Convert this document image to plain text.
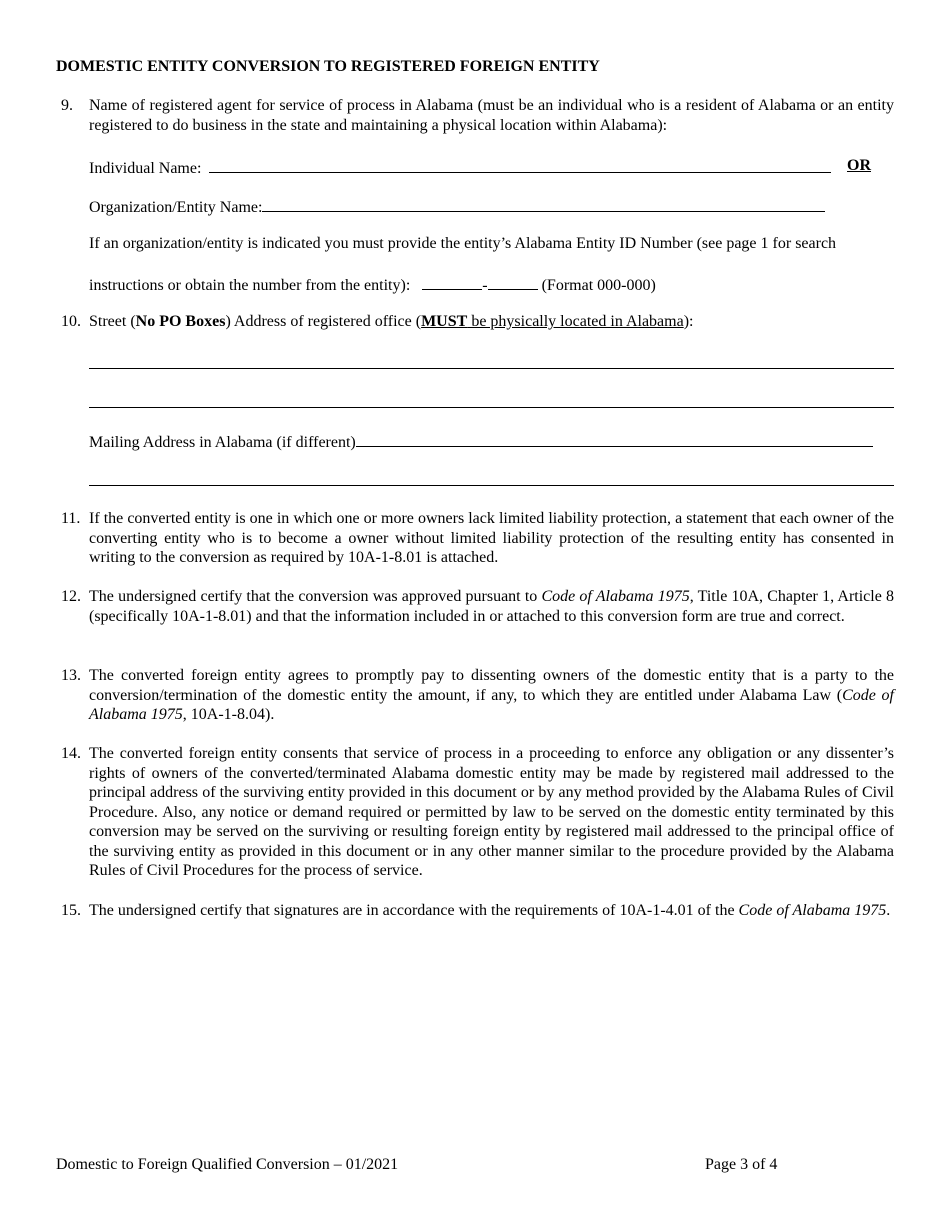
DOMESTIC ENTITY CONVERSION TO REGISTERED FOREIGN ENTITY
9. Name of registered agent for service of process in Alabama (must be an individual who is a resident of Alabama or an entity registered to do business in the state and maintaining a physical location within Alabama):
Individual Name:	OR
Organization/Entity Name:
If an organization/entity is indicated you must provide the entity’s Alabama Entity ID Number (see page 1 for search
instructions or obtain the number from the entity):	-	(Format 000-000)
10. Street (No PO Boxes) Address of registered office (MUST be physically located in Alabama):
Mailing Address in Alabama (if different)
11. If the converted entity is one in which one or more owners lack limited liability protection, a statement that each owner of the converting entity who is to become a owner without limited liability protection of the resulting entity has consented in writing to the conversion as required by 10A-1-8.01 is attached.
12. The undersigned certify that the conversion was approved pursuant to Code of Alabama 1975, Title 10A, Chapter 1, Article 8 (specifically 10A-1-8.01) and that the information included in or attached to this conversion form are true and correct.
13. The converted foreign entity agrees to promptly pay to dissenting owners of the domestic entity that is a party to the conversion/termination of the domestic entity the amount, if any, to which they are entitled under Alabama Law (Code of Alabama 1975, 10A-1-8.04).
14. The converted foreign entity consents that service of process in a proceeding to enforce any obligation or any dissenter’s rights of owners of the converted/terminated Alabama domestic entity may be made by registered mail addressed to the principal address of the surviving entity provided in this document or by any method provided by the Alabama Rules of Civil Procedure. Also, any notice or demand required or permitted by law to be served on the domestic entity terminated by this conversion may be served on the surviving or resulting foreign entity by registered mail addressed to the principal office of the surviving entity as provided in this document or in any other manner similar to the procedure provided by the Alabama Rules of Civil Procedures for the process of service.
15. The undersigned certify that signatures are in accordance with the requirements of 10A-1-4.01 of the Code of Alabama 1975.
Domestic to Foreign Qualified Conversion – 01/2021	Page 3 of 4
